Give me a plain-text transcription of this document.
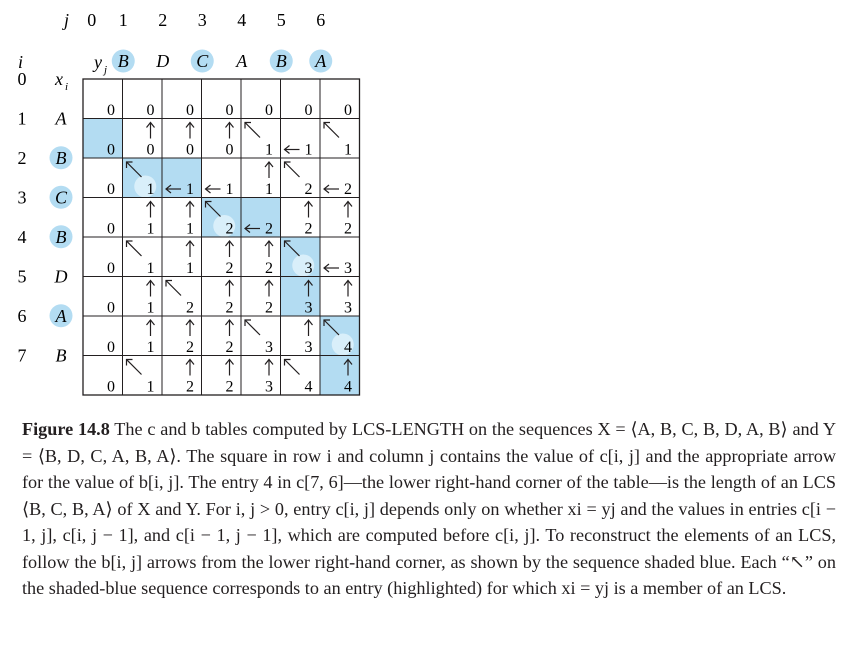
j 0 1 2 3 4 5 6
i	y j B D C A B A
0
1
2
3
4
5
6
7
x i
A
B
C
B
D
A
B
0 0 0 0 0 0 0
0 0 0 0 1 1 1
0 1 1 1 1 2 2
0 1 1 2 2 2 2
0 1 1 2 2 3 3
0 1 2 2 2 3 3
0 1 2 2 3 3 4
0 1 2 2 3 4 4
Figure 14.8 The c and b tables computed by LCS-LENGTH on the sequences X = ⟨A, B, C, B, D, A, B⟩ and Y = ⟨B, D, C, A, B, A⟩. The square in row i and column j contains the value of c[i, j] and the appropriate arrow for the value of b[i, j]. The entry 4 in c[7, 6]—the lower right-hand corner of the table—is the length of an LCS ⟨B, C, B, A⟩ of X and Y. For i, j > 0, entry c[i, j] depends only on whether xi = yj and the values in entries c[i − 1, j], c[i, j − 1], and c[i − 1, j − 1], which are computed before c[i, j]. To reconstruct the elements of an LCS, follow the b[i, j] arrows from the lower right-hand corner, as shown by the sequence shaded blue. Each “↖” on the shaded-blue sequence corresponds to an entry (highlighted) for which xi = yj is a member of an LCS.
